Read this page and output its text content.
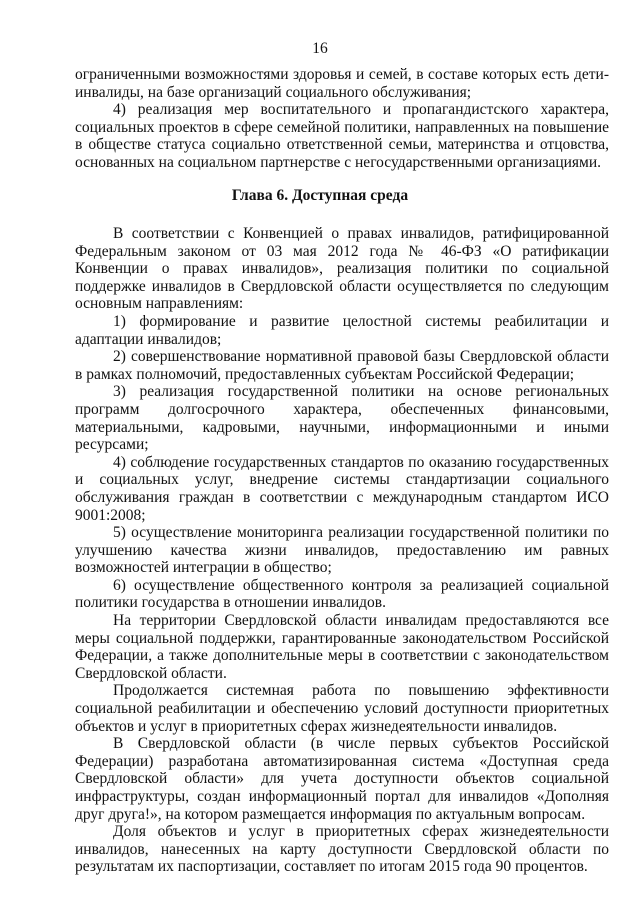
16

ограниченными возможностями здоровья и семей, в составе которых есть дети-инвалиды, на базе организаций социального обслуживания;

4) реализация мер воспитательного и пропагандистского характера, социальных проектов в сфере семейной политики, направленных на повышение в обществе статуса социально ответственной семьи, материнства и отцовства, основанных на социальном партнерстве с негосударственными организациями.

Глава 6. Доступная среда

В соответствии с Конвенцией о правах инвалидов, ратифицированной Федеральным законом от 03 мая 2012 года № 46-ФЗ «О ратификации Конвенции о правах инвалидов», реализация политики по социальной поддержке инвалидов в Свердловской области осуществляется по следующим основным направлениям:

1) формирование и развитие целостной системы реабилитации и адаптации инвалидов;

2) совершенствование нормативной правовой базы Свердловской области в рамках полномочий, предоставленных субъектам Российской Федерации;

3) реализация государственной политики на основе региональных программ долгосрочного характера, обеспеченных финансовыми, материальными, кадровыми, научными, информационными и иными ресурсами;

4) соблюдение государственных стандартов по оказанию государственных и социальных услуг, внедрение системы стандартизации социального обслуживания граждан в соответствии с международным стандартом ИСО 9001:2008;

5) осуществление мониторинга реализации государственной политики по улучшению качества жизни инвалидов, предоставлению им равных возможностей интеграции в общество;

6) осуществление общественного контроля за реализацией социальной политики государства в отношении инвалидов.

На территории Свердловской области инвалидам предоставляются все меры социальной поддержки, гарантированные законодательством Российской Федерации, а также дополнительные меры в соответствии с законодательством Свердловской области.

Продолжается системная работа по повышению эффективности социальной реабилитации и обеспечению условий доступности приоритетных объектов и услуг в приоритетных сферах жизнедеятельности инвалидов.

В Свердловской области (в числе первых субъектов Российской Федерации) разработана автоматизированная система «Доступная среда Свердловской области» для учета доступности объектов социальной инфраструктуры, создан информационный портал для инвалидов «Дополняя друг друга!», на котором размещается информация по актуальным вопросам.

Доля объектов и услуг в приоритетных сферах жизнедеятельности инвалидов, нанесенных на карту доступности Свердловской области по результатам их паспортизации, составляет по итогам 2015 года 90 процентов.
